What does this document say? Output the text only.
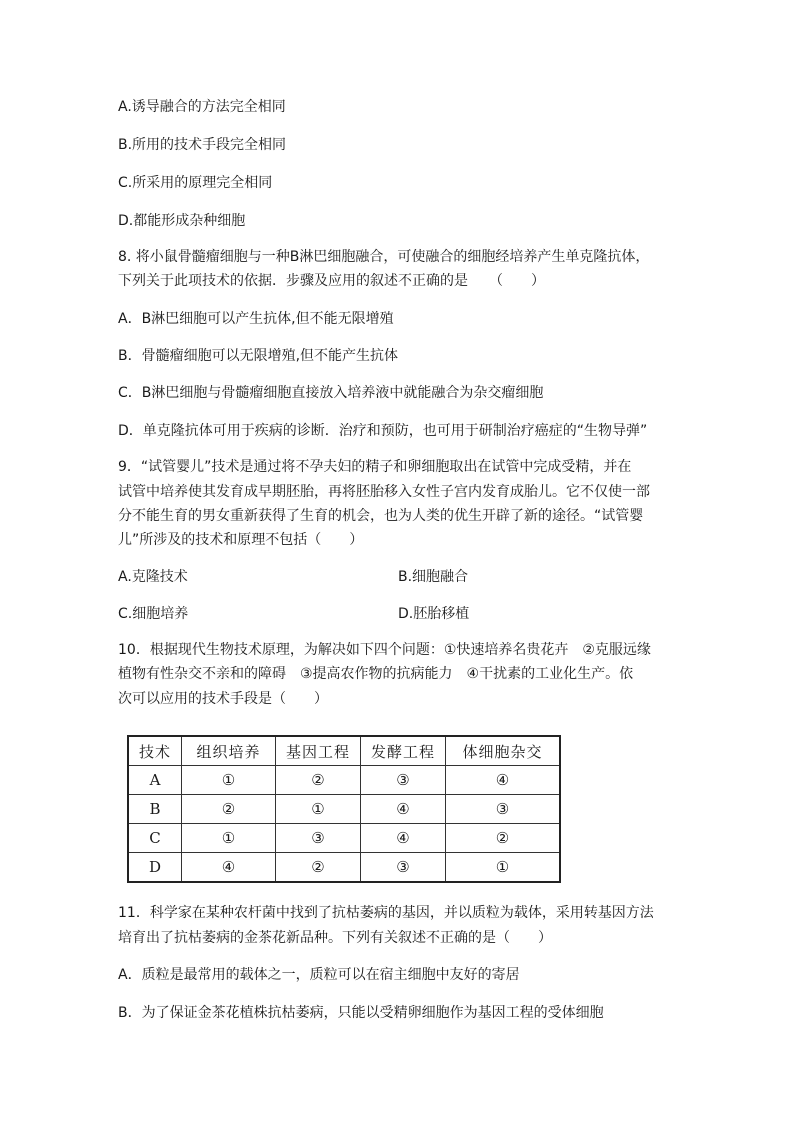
A.诱导融合的方法完全相同
B.所用的技术手段完全相同
C.所采用的原理完全相同
D.都能形成杂种细胞
8. 将小鼠骨髓瘤细胞与一种B淋巴细胞融合，可使融合的细胞经培养产生单克隆抗体，
下列关于此项技术的依据．步骤及应用的叙述不正确的是　　（　　）
A．B淋巴细胞可以产生抗体,但不能无限增殖
B．骨髓瘤细胞可以无限增殖,但不能产生抗体
C．B淋巴细胞与骨髓瘤细胞直接放入培养液中就能融合为杂交瘤细胞
D．单克隆抗体可用于疾病的诊断．治疗和预防，也可用于研制治疗癌症的“生物导弹”
9．“试管婴儿”技术是通过将不孕夫妇的精子和卵细胞取出在试管中完成受精，并在
试管中培养使其发育成早期胚胎，再将胚胎移入女性子宫内发育成胎儿。它不仅使一部
分不能生育的男女重新获得了生育的机会，也为人类的优生开辟了新的途径。“试管婴
儿”所涉及的技术和原理不包括（　　）
A.克隆技术	B.细胞融合
C.细胞培养	D.胚胎移植
10．根据现代生物技术原理，为解决如下四个问题：①快速培养名贵花卉　②克服远缘
植物有性杂交不亲和的障碍　③提高农作物的抗病能力　④干扰素的工业化生产。依
次可以应用的技术手段是（　　）
技术	组织培养	基因工程	发酵工程	体细胞杂交
A	①	②	③	④
B	②	①	④	③
C	①	③	④	②
D	④	②	③	①
11．科学家在某种农杆菌中找到了抗枯萎病的基因，并以质粒为载体，采用转基因方法
培育出了抗枯萎病的金茶花新品种。下列有关叙述不正确的是（　　）
A．质粒是最常用的载体之一，质粒可以在宿主细胞中友好的寄居
B．为了保证金茶花植株抗枯萎病，只能以受精卵细胞作为基因工程的受体细胞
